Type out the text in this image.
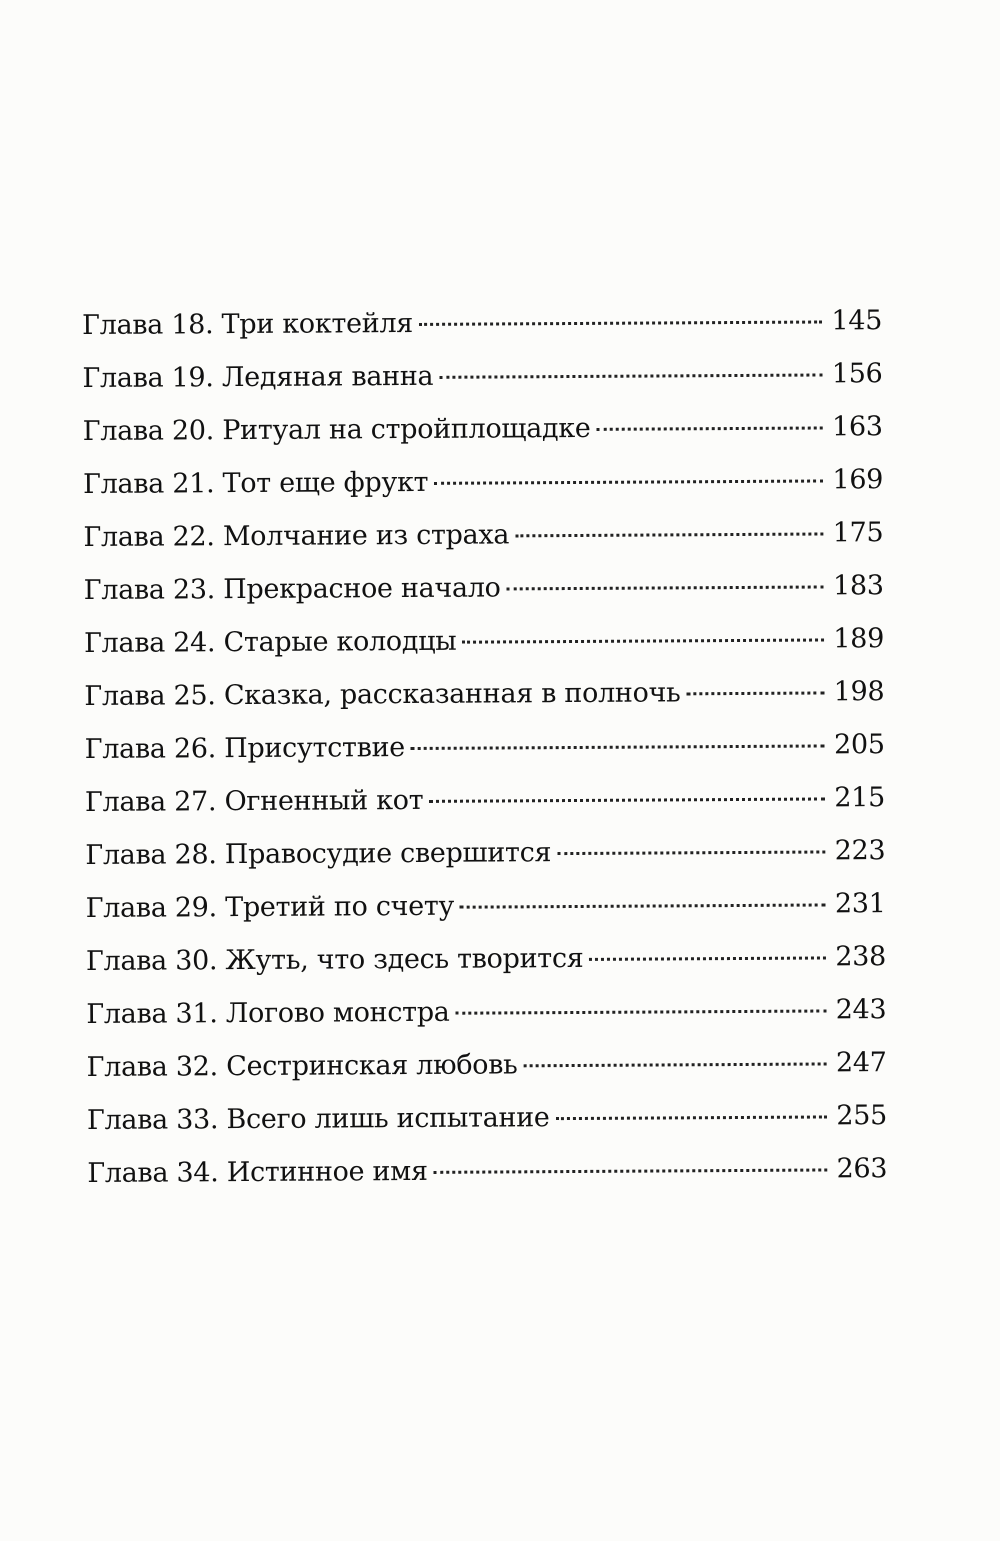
Глава 18. Три коктейля	145
Глава 19. Ледяная ванна	156
Глава 20. Ритуал на стройплощадке	163
Глава 21. Тот еще фрукт	169
Глава 22. Молчание из страха	175
Глава 23. Прекрасное начало	183
Глава 24. Старые колодцы	189
Глава 25. Сказка, рассказанная в полночь	198
Глава 26. Присутствие	205
Глава 27. Огненный кот	215
Глава 28. Правосудие свершится	223
Глава 29. Третий по счету	231
Глава 30. Жуть, что здесь творится	238
Глава 31. Логово монстра	243
Глава 32. Сестринская любовь	247
Глава 33. Всего лишь испытание	255
Глава 34. Истинное имя	263
